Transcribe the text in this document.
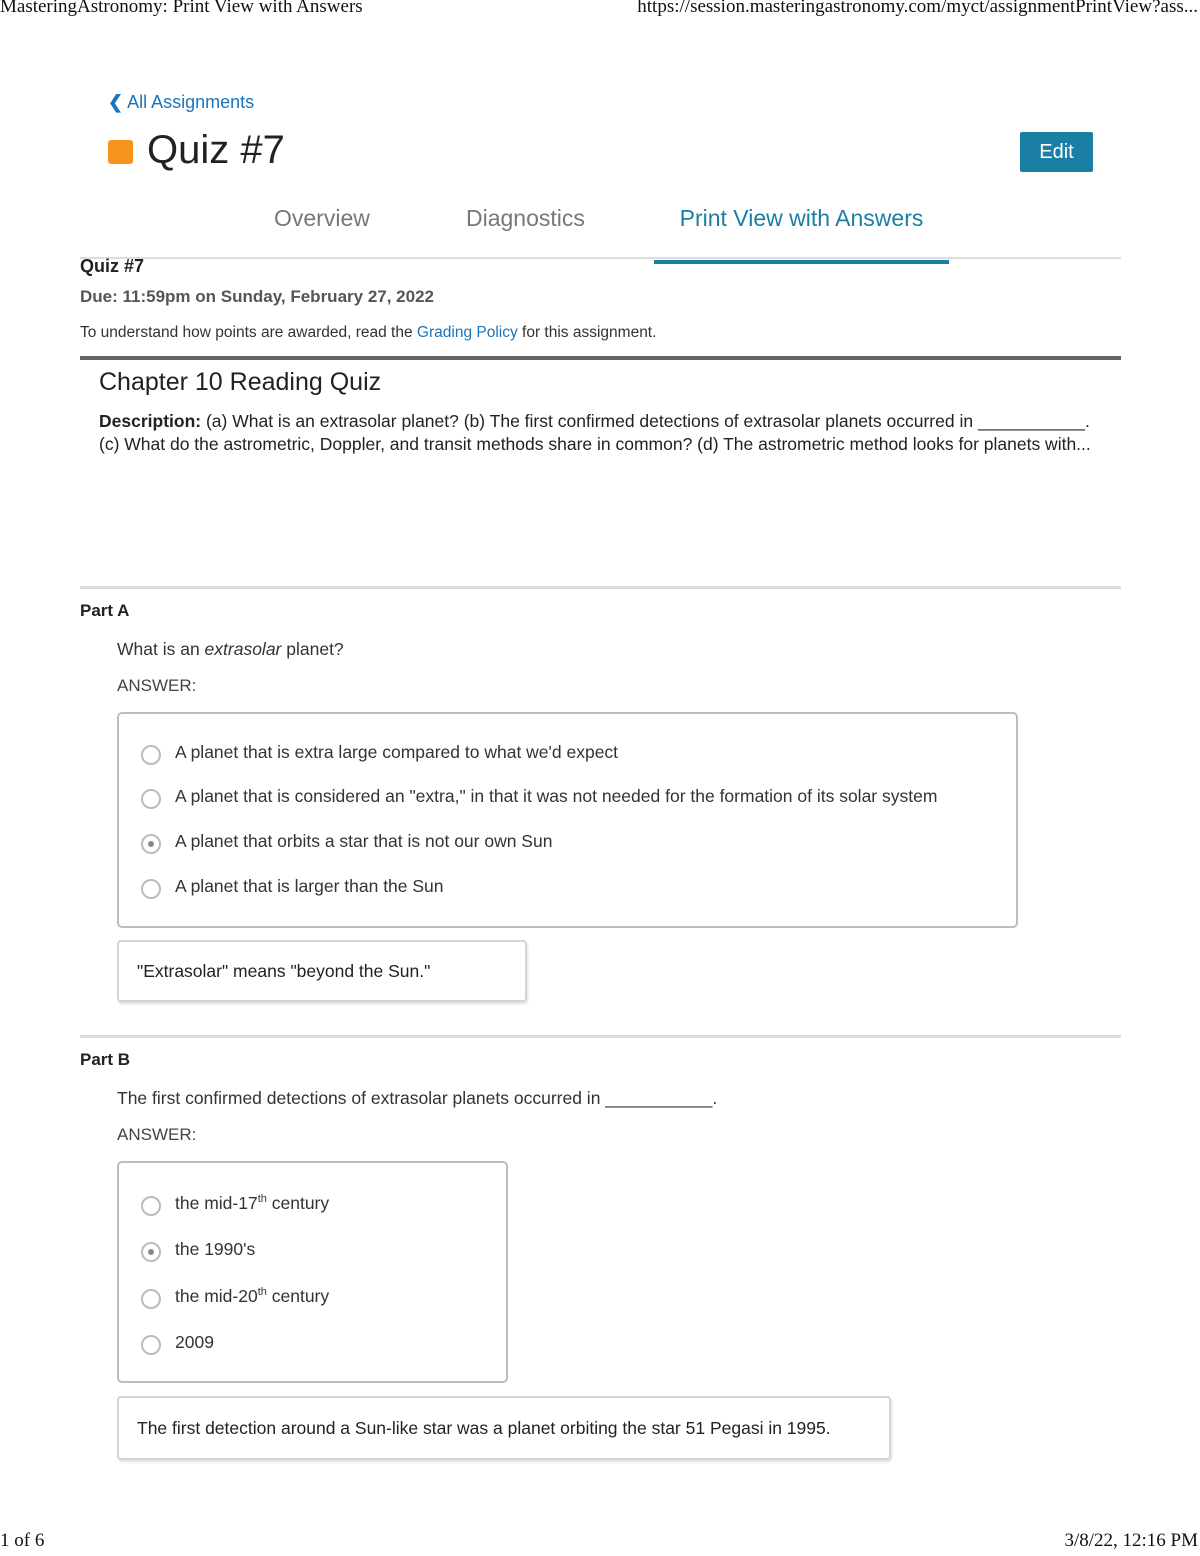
MasteringAstronomy: Print View with Answers	https://session.masteringastronomy.com/myct/assignmentPrintView?ass...
❮ All Assignments
Quiz #7	Edit
Overview	Diagnostics	Print View with Answers
Quiz #7
Due: 11:59pm on Sunday, February 27, 2022
To understand how points are awarded, read the Grading Policy for this assignment.
Chapter 10 Reading Quiz
Description: (a) What is an extrasolar planet? (b) The first confirmed detections of extrasolar planets occurred in ___________. (c) What do the astrometric, Doppler, and transit methods share in common? (d) The astrometric method looks for planets with...
Part A
What is an extrasolar planet?
ANSWER:
A planet that is extra large compared to what we'd expect
A planet that is considered an "extra," in that it was not needed for the formation of its solar system
A planet that orbits a star that is not our own Sun
A planet that is larger than the Sun
"Extrasolar" means "beyond the Sun."
Part B
The first confirmed detections of extrasolar planets occurred in ___________.
ANSWER:
the mid-17th century
the 1990's
the mid-20th century
2009
The first detection around a Sun-like star was a planet orbiting the star 51 Pegasi in 1995.
1 of 6	3/8/22, 12:16 PM
